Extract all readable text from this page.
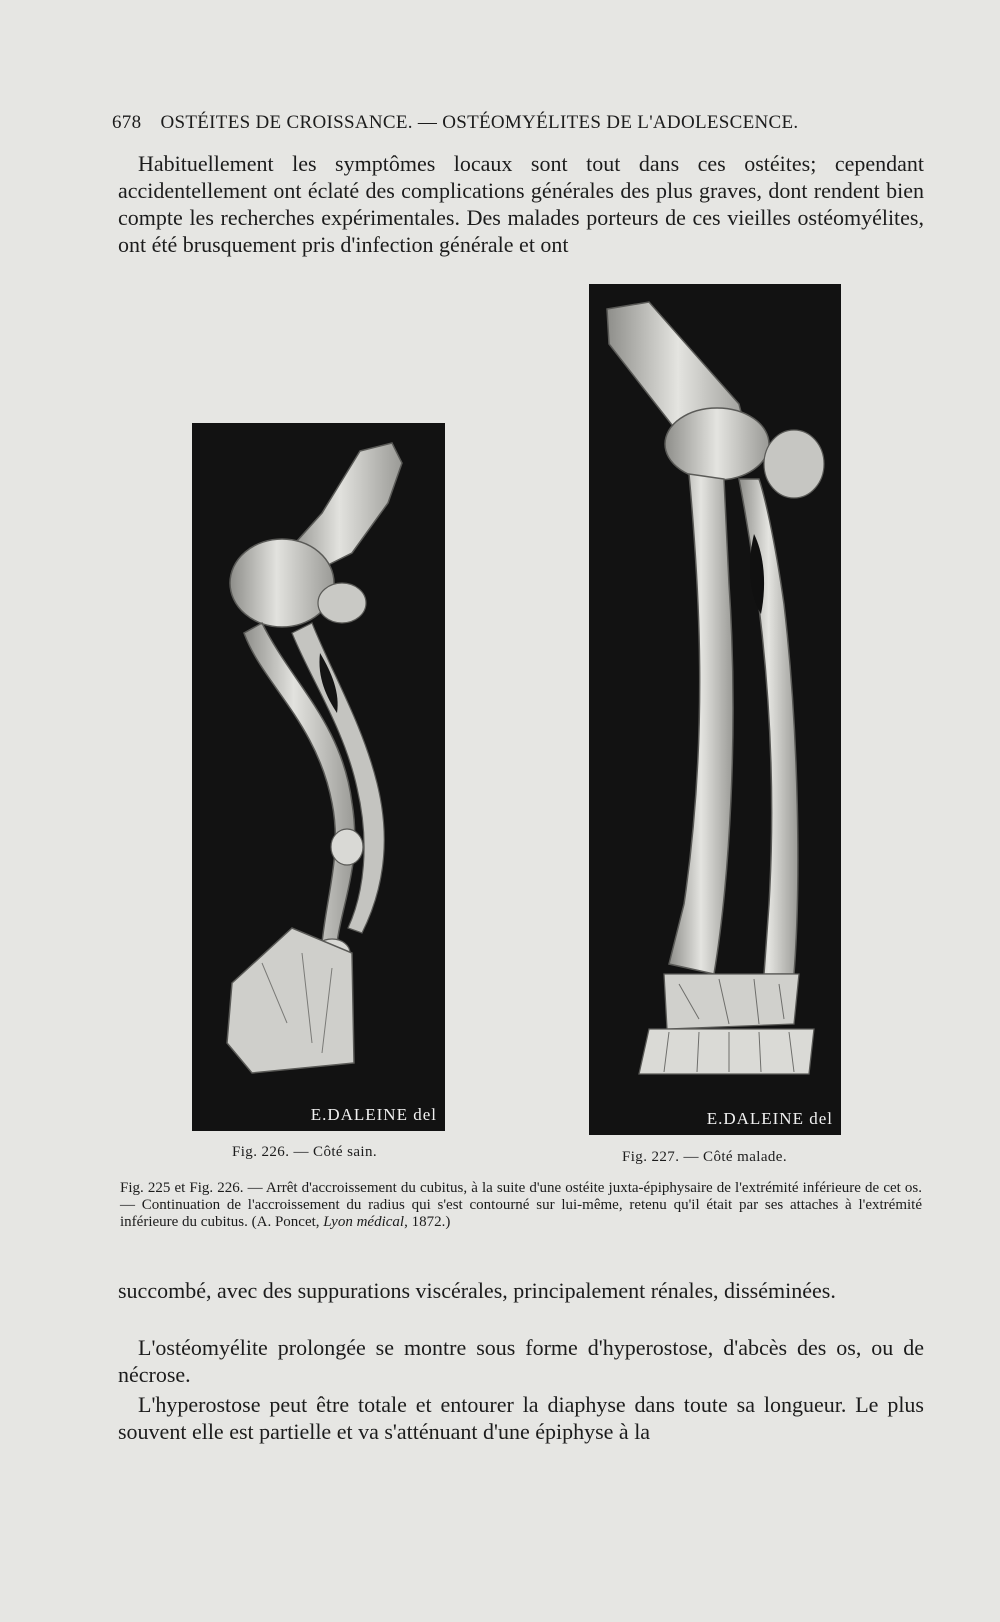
678 OSTÉITES DE CROISSANCE. — OSTÉOMYÉLITES DE L'ADOLESCENCE.

Habituellement les symptômes locaux sont tout dans ces ostéites; cependant accidentellement ont éclaté des complications générales des plus graves, dont rendent bien compte les recherches expérimentales. Des malades porteurs de ces vieilles ostéomyélites, ont été brusquement pris d'infection générale et ont

E.DALEINE del	E.DALEINE del
Fig. 226. — Côté sain.	Fig. 227. — Côté malade.

Fig. 225 et Fig. 226. — Arrêt d'accroissement du cubitus, à la suite d'une ostéite juxta-épiphysaire de l'extrémité inférieure de cet os. — Continuation de l'accroissement du radius qui s'est contourné sur lui-même, retenu qu'il était par ses attaches à l'extrémité inférieure du cubitus. (A. Poncet, Lyon médical, 1872.)

succombé, avec des suppurations viscérales, principalement rénales, disséminées.

L'ostéomyélite prolongée se montre sous forme d'hyperostose, d'abcès des os, ou de nécrose.

L'hyperostose peut être totale et entourer la diaphyse dans toute sa longueur. Le plus souvent elle est partielle et va s'atténuant d'une épiphyse à la
